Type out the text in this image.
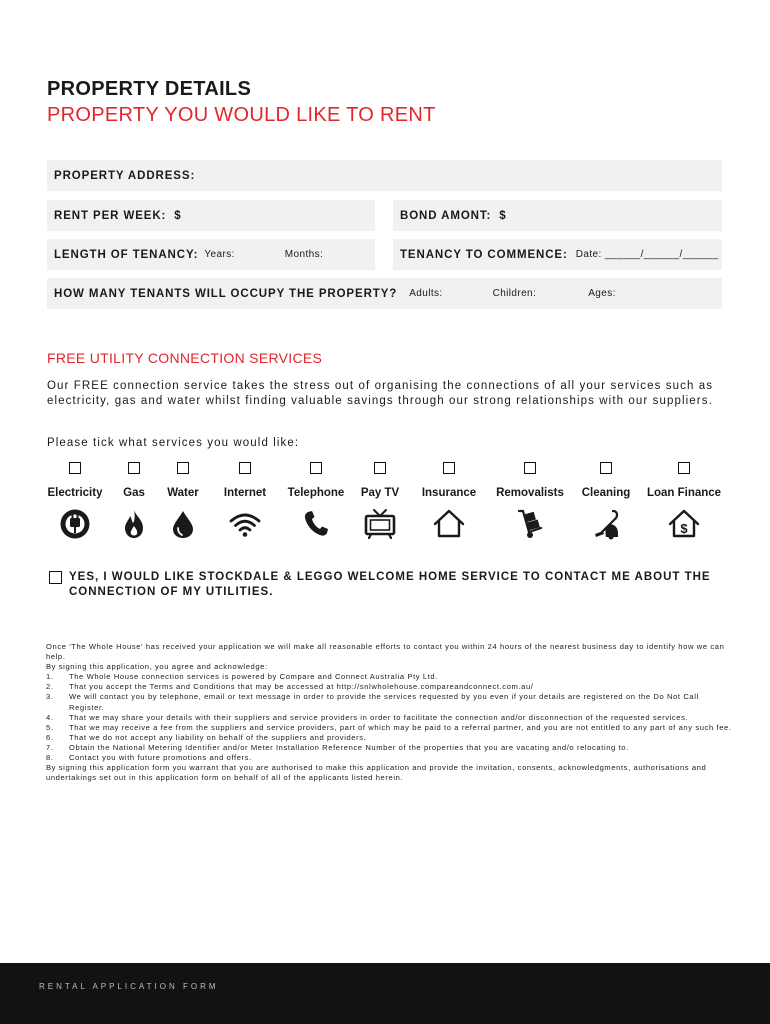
PROPERTY DETAILS
PROPERTY YOU WOULD LIKE TO RENT
PROPERTY ADDRESS:
RENT PER WEEK: $	BOND AMONT: $
LENGTH OF TENANCY: Years:	Months:	TENANCY TO COMMENCE: Date: ______/______/______
HOW MANY TENANTS WILL OCCUPY THE PROPERTY? Adults:	Children:	Ages:
FREE UTILITY CONNECTION SERVICES
Our FREE connection service takes the stress out of organising the connections of all your services such as electricity, gas and water whilst finding valuable savings through our strong relationships with our suppliers.
Please tick what services you would like:
Electricity	Gas	Water	Internet	Telephone	Pay TV	Insurance	Removalists	Cleaning	Loan Finance
$
YES, I WOULD LIKE STOCKDALE & LEGGO WELCOME HOME SERVICE TO CONTACT ME ABOUT THE CONNECTION OF MY UTILITIES.
Once 'The Whole House' has received your application we will make all reasonable efforts to contact you within 24 hours of the nearest business day to identify how we can help.
By signing this application, you agree and acknowledge:
1.	The Whole House connection services is powered by Compare and Connect Australia Pty Ltd.
2.	That you accept the Terms and Conditions that may be accessed at http://snlwholehouse.compareandconnect.com.au/
3.	We will contact you by telephone, email or text message in order to provide the services requested by you even if your details are registered on the Do Not Call Register.
4.	That we may share your details with their suppliers and service providers in order to facilitate the connection and/or disconnection of the requested services.
5.	That we may receive a fee from the suppliers and service providers, part of which may be paid to a referral partner, and you are not entitled to any part of any such fee.
6.	That we do not accept any liability on behalf of the suppliers and providers.
7.	Obtain the National Metering Identifier and/or Meter Installation Reference Number of the properties that you are vacating and/o relocating to.
8.	Contact you with future promotions and offers.
By signing this application form you warrant that you are authorised to make this application and provide the invitation, consents, acknowledgments, authorisations and undertakings set out in this application form on behalf of all of the applicants listed herein.
RENTAL APPLICATION FORM
